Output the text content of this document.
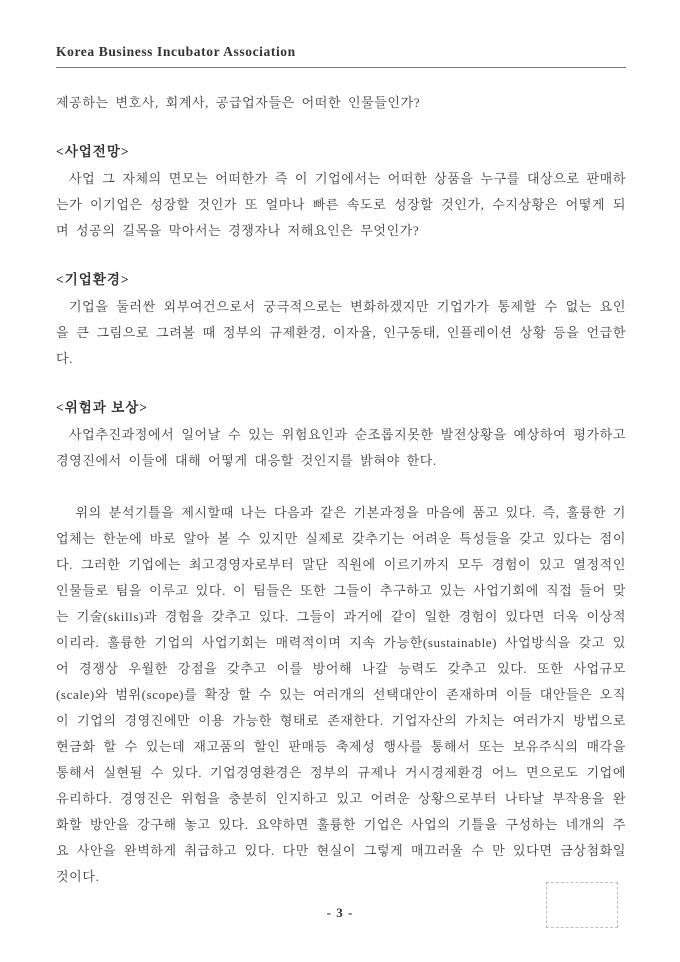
Korea Business Incubator Association

제공하는 변호사, 회계사, 공급업자들은 어떠한 인물들인가?

<사업전망>

사업 그 자체의 면모는 어떠한가 즉 이 기업에서는 어떠한 상품을 누구를 대상으로 판매하는가 이기업은 성장할 것인가 또 얼마나 빠른 속도로 성장할 것인가, 수지상황은 어떻게 되며 성공의 길목을 막아서는 경쟁자나 저해요인은 무엇인가?

<기업환경>

기업을 둘러싼 외부여건으로서 궁극적으로는 변화하겠지만 기업가가 통제할 수 없는 요인을 큰 그림으로 그려볼 때 정부의 규제환경, 이자율, 인구동태, 인플레이션 상황 등을 언급한다.

<위험과 보상>

사업추진과정에서 일어날 수 있는 위험요인과 순조롭지못한 발전상황을 예상하여 평가하고 경영진에서 이들에 대해 어떻게 대응할 것인지를 밝혀야 한다.

위의 분석기틀을 제시할때 나는 다음과 같은 기본과정을 마음에 품고 있다. 즉, 훌륭한 기업체는 한눈에 바로 알아 볼 수 있지만 실제로 갖추기는 어려운 특성들을 갖고 있다는 점이다. 그러한 기업에는 최고경영자로부터 말단 직원에 이르기까지 모두 경험이 있고 열정적인 인물들로 팀을 이루고 있다. 이 팀들은 또한 그들이 추구하고 있는 사업기회에 직접 들어 맞는 기술(skills)과 경험을 갖추고 있다. 그들이 과거에 같이 일한 경험이 있다면 더욱 이상적이리라. 훌륭한 기업의 사업기회는 매력적이며 지속 가능한(sustainable) 사업방식을 갖고 있어 경쟁상 우월한 강점을 갖추고 이를 방어해 나갈 능력도 갖추고 있다. 또한 사업규모(scale)와 범위(scope)를 확장 할 수 있는 여러개의 선택대안이 존재하며 이들 대안들은 오직 이 기업의 경영진에만 이용 가능한 형태로 존재한다. 기업자산의 가치는 여러가지 방법으로 현금화 할 수 있는데 재고품의 할인 판매등 축제성 행사를 통해서 또는 보유주식의 매각을 통해서 실현될 수 있다. 기업경영환경은 정부의 규제나 거시경제환경 어느 면으로도 기업에 유리하다. 경영진은 위험을 충분히 인지하고 있고 어려운 상황으로부터 나타날 부작용을 완화할 방안을 강구해 놓고 있다. 요약하면 훌륭한 기업은 사업의 기틀을 구성하는 네개의 주요 사안을 완벽하게 취급하고 있다. 다만 현실이 그렇게 매끄러울 수 만 있다면 금상첨화일 것이다.

- 3 -
